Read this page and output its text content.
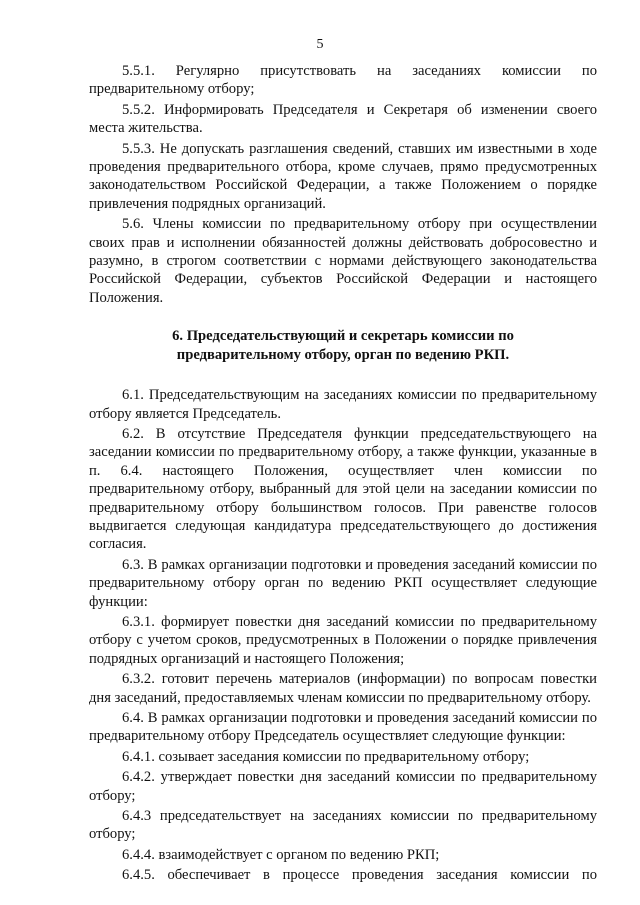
5

5.5.1. Регулярно присутствовать на заседаниях комиссии по предварительному отбору;

5.5.2. Информировать Председателя и Секретаря об изменении своего места жительства.

5.5.3. Не допускать разглашения сведений, ставших им известными в ходе проведения предварительного отбора, кроме случаев, прямо предусмотренных законодательством Российской Федерации, а также Положением о порядке привлечения подрядных организаций.

5.6. Члены комиссии по предварительному отбору при осуществлении своих прав и исполнении обязанностей должны действовать добросовестно и разумно, в строгом соответствии с нормами действующего законодательства Российской Федерации, субъектов Российской Федерации и настоящего Положения.

6. Председательствующий и секретарь комиссии по
предварительному отбору, орган по ведению РКП.

6.1. Председательствующим на заседаниях комиссии по предварительному отбору является Председатель.

6.2. В отсутствие Председателя функции председательствующего на заседании комиссии по предварительному отбору, а также функции, указанные в п. 6.4. настоящего Положения, осуществляет член комиссии по предварительному отбору, выбранный для этой цели на заседании комиссии по предварительному отбору большинством голосов. При равенстве голосов выдвигается следующая кандидатура председательствующего до достижения согласия.

6.3. В рамках организации подготовки и проведения заседаний комиссии по предварительному отбору орган по ведению РКП осуществляет следующие функции:

6.3.1. формирует повестки дня заседаний комиссии по предварительному отбору с учетом сроков, предусмотренных в Положении о порядке привлечения подрядных организаций и настоящего Положения;

6.3.2. готовит перечень материалов (информации) по вопросам повестки дня заседаний, предоставляемых членам комиссии по предварительному отбору.

6.4. В рамках организации подготовки и проведения заседаний комиссии по предварительному отбору Председатель осуществляет следующие функции:

6.4.1. созывает заседания комиссии по предварительному отбору;

6.4.2. утверждает повестки дня заседаний комиссии по предварительному отбору;

6.4.3 председательствует на заседаниях комиссии по предварительному отбору;

6.4.4. взаимодействует с органом по ведению РКП;

6.4.5. обеспечивает в процессе проведения заседания комиссии по
